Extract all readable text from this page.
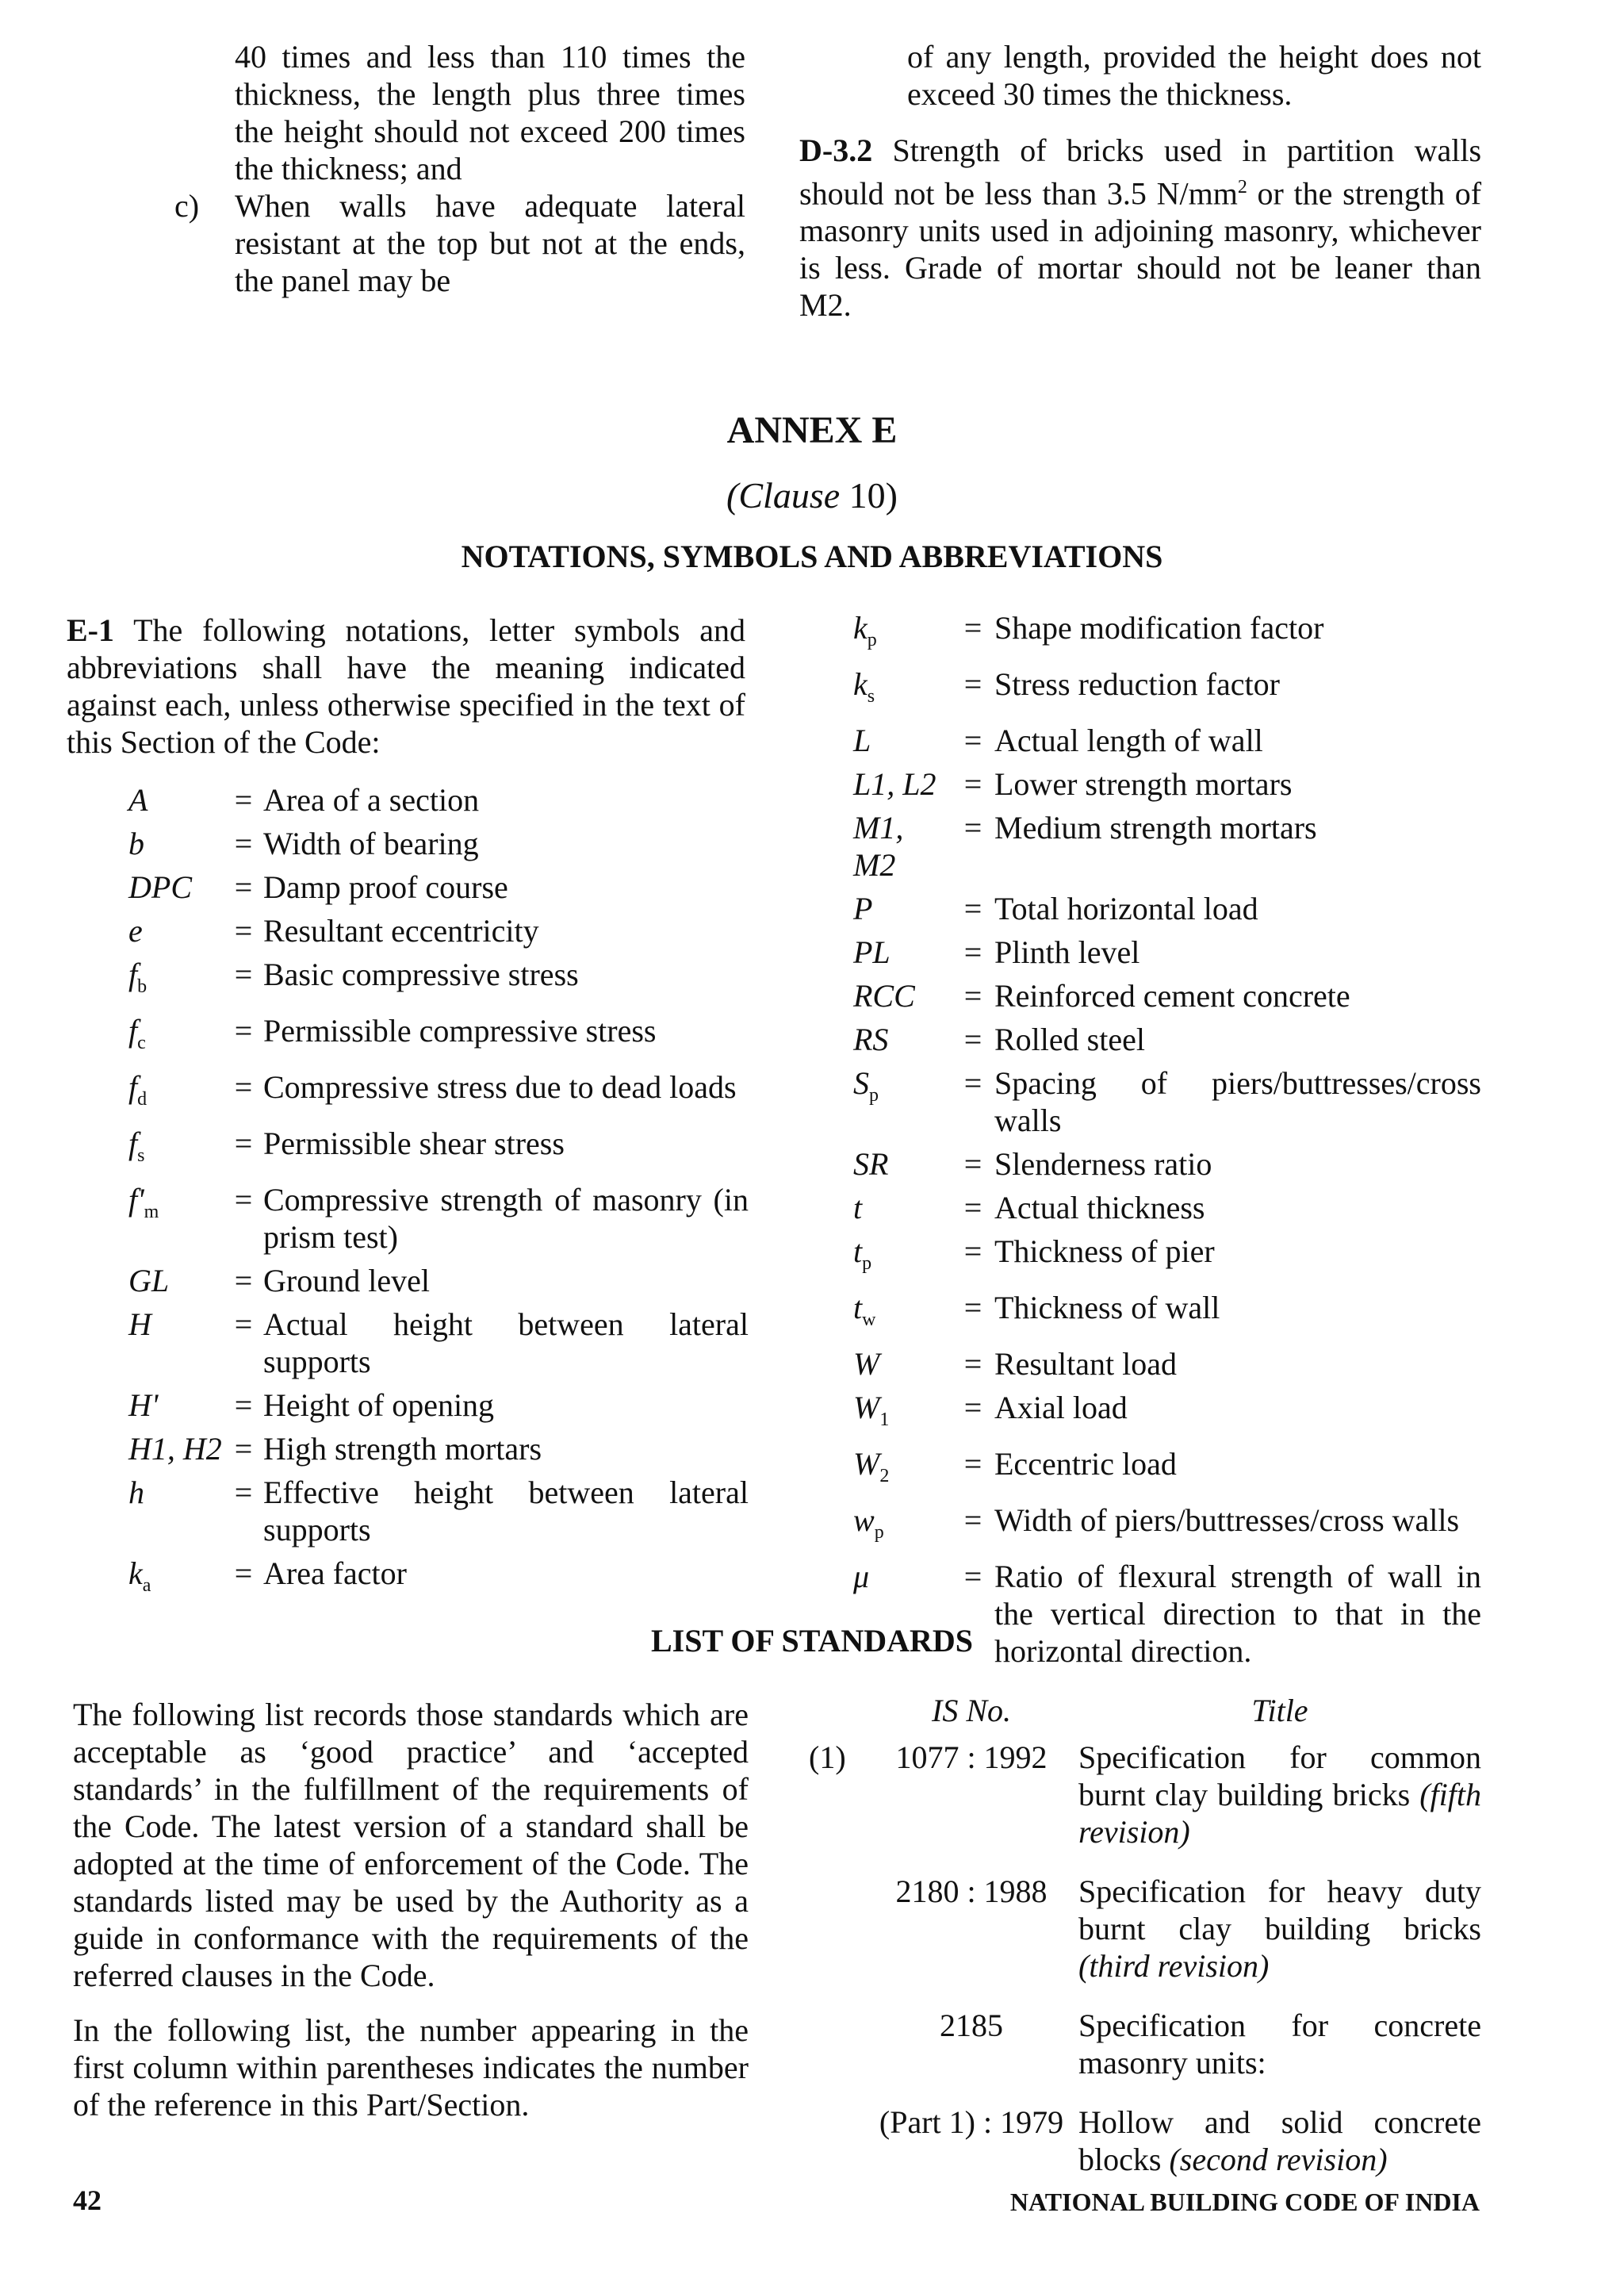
40 times and less than 110 times the thickness, the length plus three times the height should not exceed 200 times the thickness; and

c)	When walls have adequate lateral resistant at the top but not at the ends, the panel may be

of any length, provided the height does not exceed 30 times the thickness.

D-3.2 Strength of bricks used in partition walls should not be less than 3.5 $N/mm^2$ or the strength of masonry units used in adjoining masonry, whichever is less. Grade of mortar should not be leaner than M2.

ANNEX E
(Clause 10)
NOTATIONS, SYMBOLS AND ABBREVIATIONS

E-1 The following notations, letter symbols and abbreviations shall have the meaning indicated against each, unless otherwise specified in the text of this Section of the Code:

A	= Area of a section
b	= Width of bearing
DPC	= Damp proof course
e	= Resultant eccentricity
$f_b$	= Basic compressive stress
$f_c$	= Permissible compressive stress
$f_d$	= Compressive stress due to dead loads
$f_s$	= Permissible shear stress
$f'_m$	= Compressive strength of masonry (in prism test)
GL	= Ground level
H	= Actual height between lateral supports
H'	= Height of opening
H1, H2 = High strength mortars
h	= Effective height between lateral supports
$k_a$	= Area factor
$k_p$	= Shape modification factor
$k_s$	= Stress reduction factor
L	= Actual length of wall
L1, L2 = Lower strength mortars
M1, M2
= Medium strength mortars
P	= Total horizontal load
PL	= Plinth level
RCC	= Reinforced cement concrete
RS	= Rolled steel
$S_p$	= Spacing of piers/buttresses/cross walls
SR	= Slenderness ratio
t	= Actual thickness
$t_p$	= Thickness of pier
$t_w$	= Thickness of wall
W	= Resultant load
$W_1$	= Axial load
$W_2$	= Eccentric load
$w_p$	= Width of piers/buttresses/cross walls
μ	= Ratio of flexural strength of wall in the vertical direction to that in the horizontal direction.
LIST OF STANDARDS

The following list records those standards which are acceptable as ‘good practice’ and ‘accepted standards’ in the fulfillment of the requirements of the Code. The latest version of a standard shall be adopted at the time of enforcement of the Code. The standards listed may be used by the Authority as a guide in conformance with the requirements of the referred clauses in the Code.

In the following list, the number appearing in the first column within parentheses indicates the number of the reference in this Part/Section.

IS No.	Title
(1)	1077 : 1992 Specification for common burnt clay building bricks (fifth revision)
2180 : 1988 Specification for heavy duty burnt clay building bricks (third revision)
2185	Specification for concrete masonry units:
(Part 1) : 1979 Hollow and solid concrete blocks (second revision)
42	NATIONAL BUILDING CODE OF INDIA
